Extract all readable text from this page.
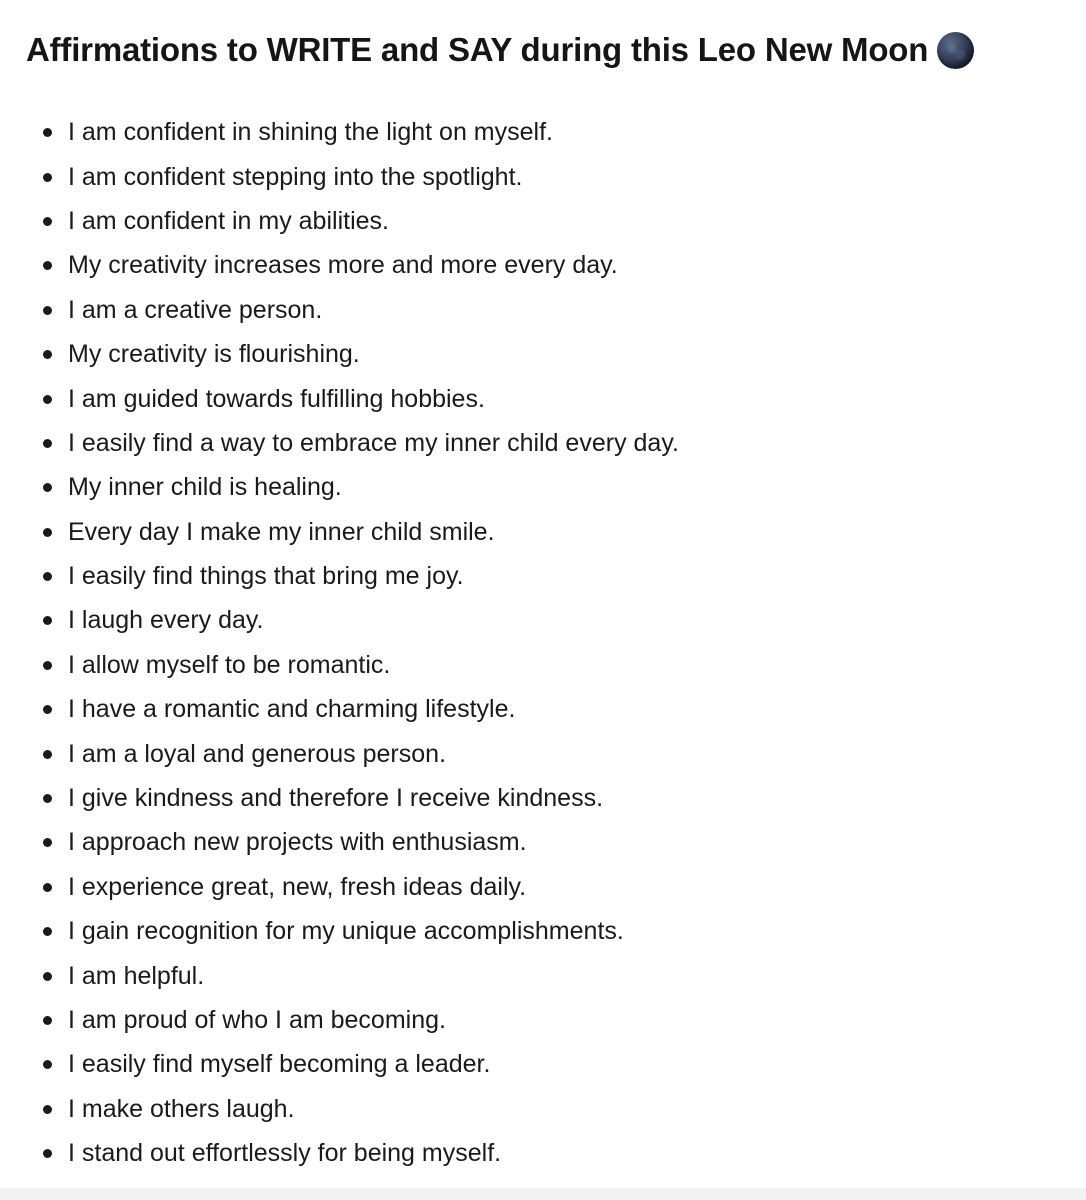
Affirmations to WRITE and SAY during this Leo New Moon
I am confident in shining the light on myself.
I am confident stepping into the spotlight.
I am confident in my abilities.
My creativity increases more and more every day.
I am a creative person.
My creativity is flourishing.
I am guided towards fulfilling hobbies.
I easily find a way to embrace my inner child every day.
My inner child is healing.
Every day I make my inner child smile.
I easily find things that bring me joy.
I laugh every day.
I allow myself to be romantic.
I have a romantic and charming lifestyle.
I am a loyal and generous person.
I give kindness and therefore I receive kindness.
I approach new projects with enthusiasm.
I experience great, new, fresh ideas daily.
I gain recognition for my unique accomplishments.
I am helpful.
I am proud of who I am becoming.
I easily find myself becoming a leader.
I make others laugh.
I stand out effortlessly for being myself.
